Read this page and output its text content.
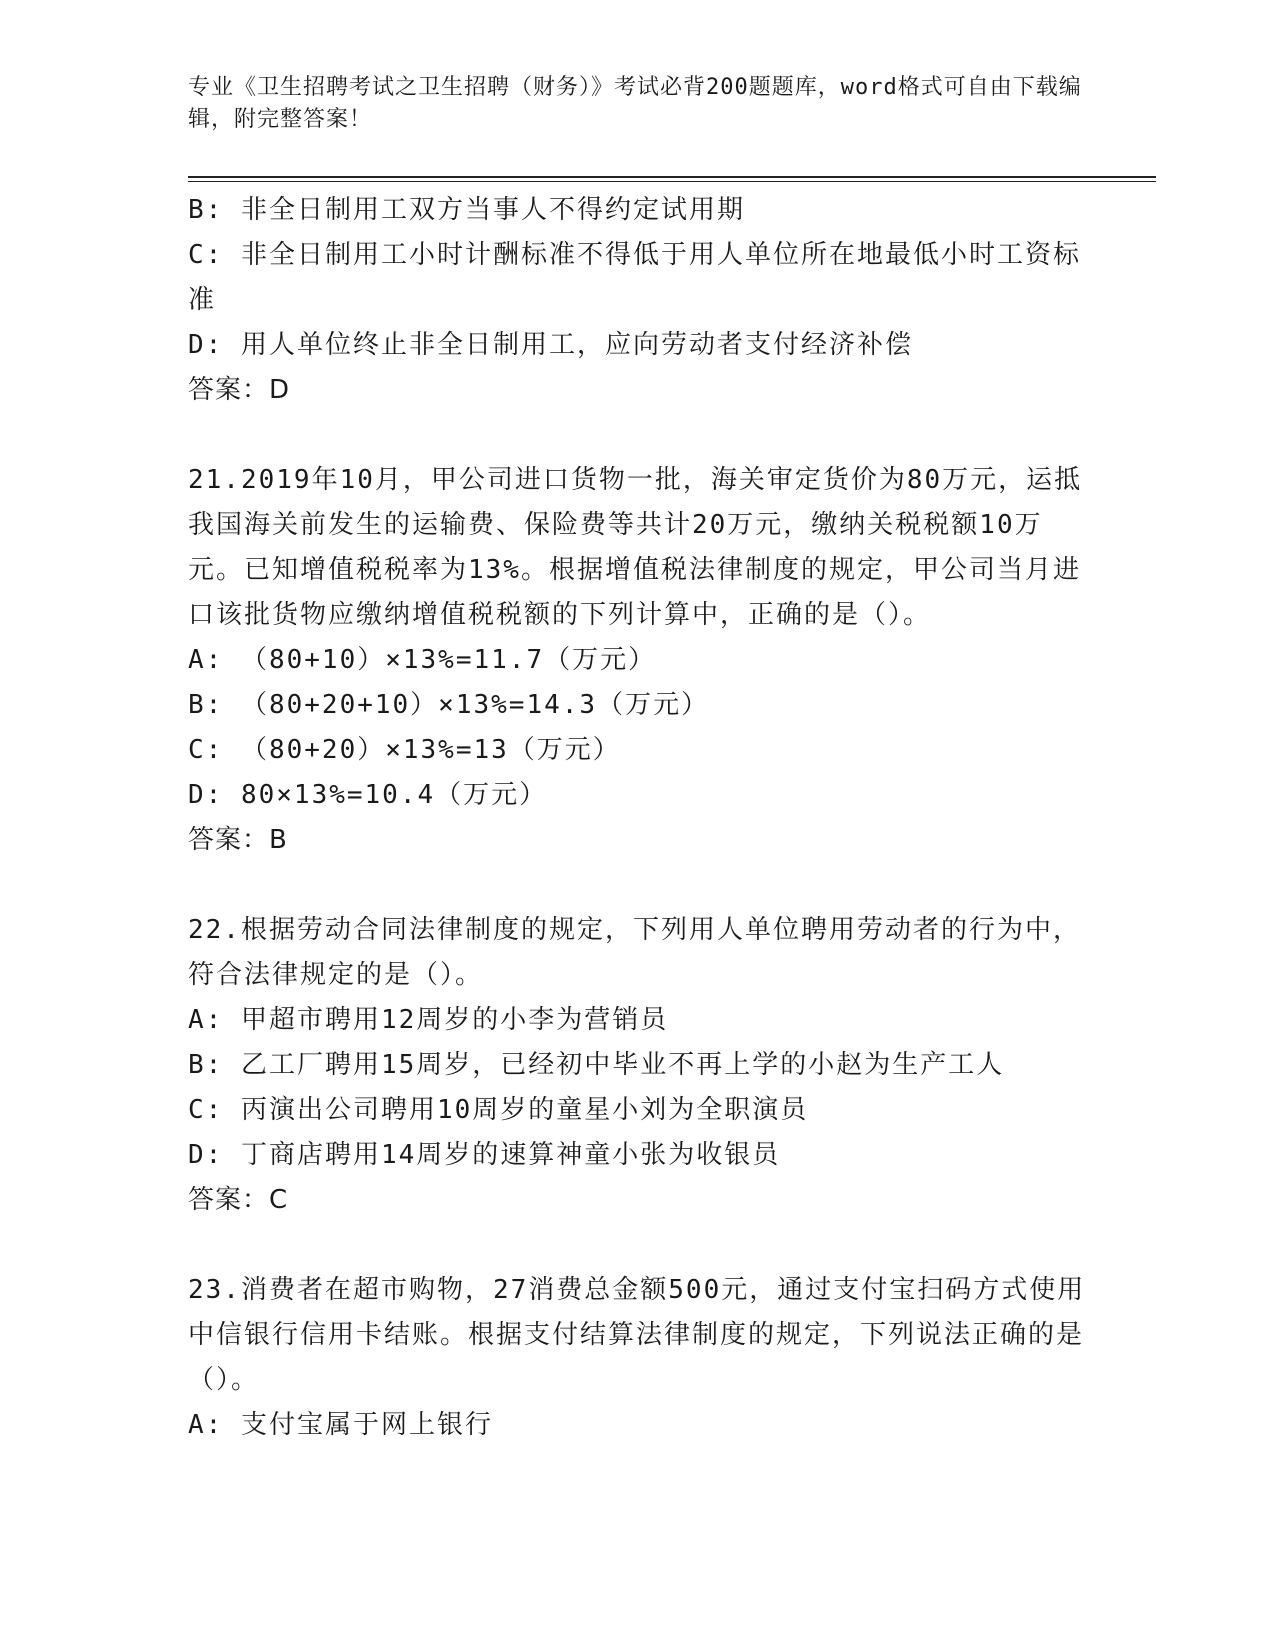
专业《卫生招聘考试之卫生招聘（财务）》考试必背200题题库，word格式可自由下载编辑，附完整答案！
B: 非全日制用工双方当事人不得约定试用期
C: 非全日制用工小时计酬标准不得低于用人单位所在地最低小时工资标准
D: 用人单位终止非全日制用工，应向劳动者支付经济补偿
答案：D
21.2019年10月，甲公司进口货物一批，海关审定货价为80万元，运抵我国海关前发生的运输费、保险费等共计20万元，缴纳关税税额10万元。已知增值税税率为13%。根据增值税法律制度的规定，甲公司当月进口该批货物应缴纳增值税税额的下列计算中，正确的是（）。
A: （80+10）×13%=11.7（万元）
B: （80+20+10）×13%=14.3（万元）
C: （80+20）×13%=13（万元）
D: 80×13%=10.4（万元）
答案：B
22.根据劳动合同法律制度的规定，下列用人单位聘用劳动者的行为中，符合法律规定的是（）。
A: 甲超市聘用12周岁的小李为营销员
B: 乙工厂聘用15周岁，已经初中毕业不再上学的小赵为生产工人
C: 丙演出公司聘用10周岁的童星小刘为全职演员
D: 丁商店聘用14周岁的速算神童小张为收银员
答案：C
23.消费者在超市购物，27消费总金额500元，通过支付宝扫码方式使用中信银行信用卡结账。根据支付结算法律制度的规定，下列说法正确的是（）。
A: 支付宝属于网上银行
